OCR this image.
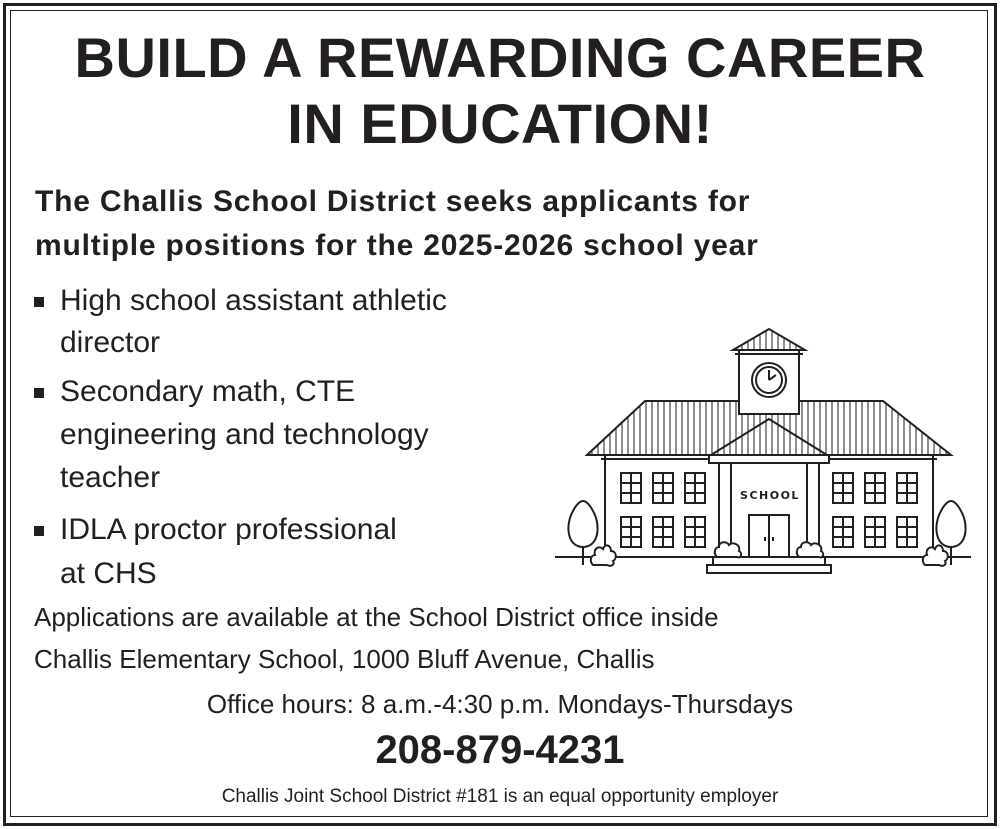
BUILD A REWARDING CAREER
IN EDUCATION!
The Challis School District seeks applicants for
multiple positions for the 2025-2026 school year
High school assistant athletic
director
Secondary math, CTE
engineering and technology
teacher
IDLA proctor professional
at CHS
SCHOOL
Applications are available at the School District office inside
Challis Elementary School, 1000 Bluff Avenue, Challis
Office hours: 8 a.m.-4:30 p.m. Mondays-Thursdays
208-879-4231
Challis Joint School District #181 is an equal opportunity employer
